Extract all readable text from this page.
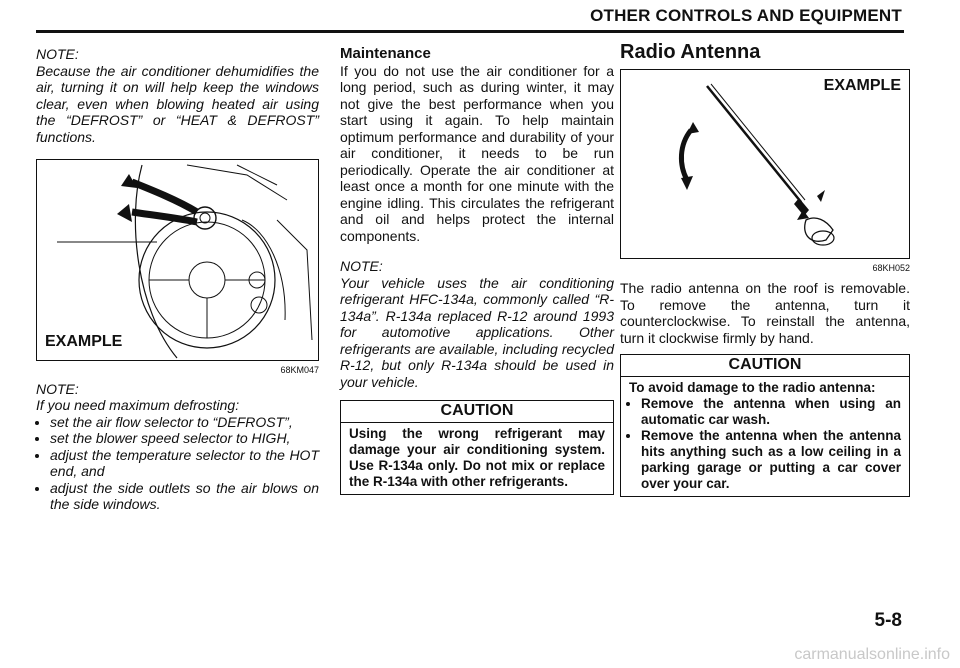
OTHER CONTROLS AND EQUIPMENT

NOTE:

Because the air conditioner dehumidifies the air, turning it on will help keep the windows clear, even when blowing heated air using the “DEFROST” or “HEAT & DEFROST” functions.

EXAMPLE
68KM047

NOTE:

If you need maximum defrosting:

• set the air flow selector to “DEFROST”,
• set the blower speed selector to HIGH,
• adjust the temperature selector to the HOT end, and
• adjust the side outlets so the air blows on the side windows.

Maintenance

If you do not use the air conditioner for a long period, such as during winter, it may not give the best performance when you start using it again. To help maintain optimum performance and durability of your air conditioner, it needs to be run periodically. Operate the air conditioner at least once a month for one minute with the engine idling. This circulates the refrigerant and oil and helps protect the internal components.

NOTE:

Your vehicle uses the air conditioning refrigerant HFC-134a, commonly called “R-134a”. R-134a replaced R-12 around 1993 for automotive applications. Other refrigerants are available, including recycled R-12, but only R-134a should be used in your vehicle.

CAUTION
Using the wrong refrigerant may damage your air conditioning system. Use R-134a only. Do not mix or replace the R-134a with other refrigerants.

Radio Antenna

EXAMPLE
68KH052

The radio antenna on the roof is removable. To remove the antenna, turn it counterclockwise. To reinstall the antenna, turn it clockwise firmly by hand.

CAUTION
To avoid damage to the radio antenna:
• Remove the antenna when using an automatic car wash.
• Remove the antenna when the antenna hits anything such as a low ceiling in a parking garage or putting a car cover over your car.
5-8
carmanualsonline.info
